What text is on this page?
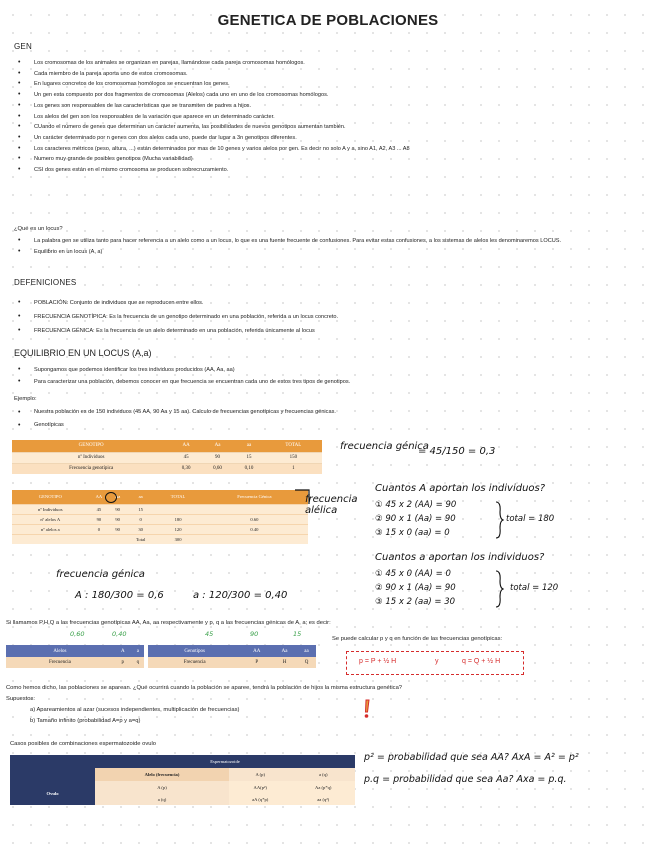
GENETICA DE POBLACIONES
GEN
• Los cromosomas de los animales se organizan en parejas, llamándose cada pareja cromosomas homólogos.
• Cada miembro de la pareja aporta uno de estos cromosomas.
• En lugares concretos de los cromosomas homólogos se encuentran los genes.
• Un gen esta compuesto por dos fragmentos de cromosomas (Alelos) cada uno en uno de los cromosomas homólogos.
• Los genes son responsables de las características que se transmiten de padres a hijos.
• Los alelos del gen son los responsables de la variación que aparece en un determinado carácter.
• CUando el número de genes que determinan un carácter aumenta, las posibilidades de nuevos genotipos aumentan también.
• Un carácter determinado por n genes con dos alelos cada uno, puede dar lugar a 3n genotipos diferentes.
• Los caracteres métricos (peso, altura, ...) están determinados por mas de 10 genes y varios alelos por gen. Es decir no solo A y a, sino A1, A2, A3 ... A8
• Numero muy grande de posibles genotipos (Mucha variabilidad)
• CSI dos genes están en el mismo cromosoma se producen sobrecruzamiento.
¿Qué es un locus?
• La palabra gen se utiliza tanto para hacer referencia a un alelo como a un locus, lo que es una fuente frecuente de confusiones. Para evitar estas confusiones, a los sistemas de alelos les denominaremos LOCUS.
• Equilibrio en un locus (A, a)
DEFENICIONES
• POBLACIÓN: Conjunto de individuos que se reproducen entre ellos.
• FRECUENCIA GENOTÍPICA: Es la frecuencia de un genotipo determinado en una población, referida a un locus concreto.
• FRECUENCIA GÉNICA: Es la frecuencia de un alelo determinado en una población, referida únicamente al locus
EQUILIBRIO EN UN LOCUS (A,a)
• Supongamos que podemos identificar los tres individuos producidos (AA, Aa, aa)
• Para caracterizar una población, debemos conocer en que frecuencia se encuentran cada uno de estos tres tipos de genotipos.
Ejemplo:
• Nuestra población es de 150 individuos (45 AA, 90 Aa y 15 aa). Calculo de frecuencias genotípicas y frecuencias génicas.
• Genotípicas
GENOTIPO	AA	Aa	aa	TOTAL
nº Individuos	45	90	15	150
Frecuencia genotípica	0,30	0,60	0,10	1
frecuencia génica
= 45/150 = 0,3
GENOTIPO	AA	Aa	aa	TOTAL	Frecuencia Génica
nº Individuos	45	90	15		
nº alelos A	90	90	0	180	0.60
nº alelos a	0	90	30	120	0.40
			Total	300	
frecuencia alélica
Cuantos A aportan los individuos?
① 45 x 2 (AA) = 90
② 90 x 1 (Aa) = 90
③ 15 x 0 (aa) = 0
total = 180
Cuantos a aportan los individuos?
① 45 x 0 (AA) = 0
② 90 x 1 (Aa) = 90
③ 15 x 2 (aa) = 30
total = 120
frecuencia génica
A : 180/300 = 0,6	a : 120/300 = 0,40
Si llamamos P,H,Q a las frecuencias genotípicas AA, Aa, aa respectivamente y p, q a las frecuencias génicas de A, a; es decir:
0,60	0,40	45	90	15
Alelos	A	a
Frecuencia	p	q
Genotipos	AA	Aa	aa
Frecuencia	P	H	Q
Se puede calcular p y q en función de las frecuencias genotípicas:
p = P + ½ H	y	q = Q + ½ H
Como hemos dicho, las poblaciones se aparean. ¿Qué ocurrirá cuando la población se aparee, tendrá la población de hijos la misma estructura genética?
Supuestos:
a) Apareamientos al azar (sucesos independientes, multiplicación de frecuencias)
b) Tamaño infinito (probabilidad A=p y a=q)
Casos posibles de combinaciones espermatozoide ovulo
	Espermatozoide		
	Alelo (frecuencia)	A (p)	a (q)
Ovulo	A (p)	AA(p²)	Aa (p*q)
	a (q)	aA (q*p)	aa (q²)
p² = probabilidad que sea AA? AxA = A² = p²
p.q = probabilidad que sea Aa? Axa = p.q.
